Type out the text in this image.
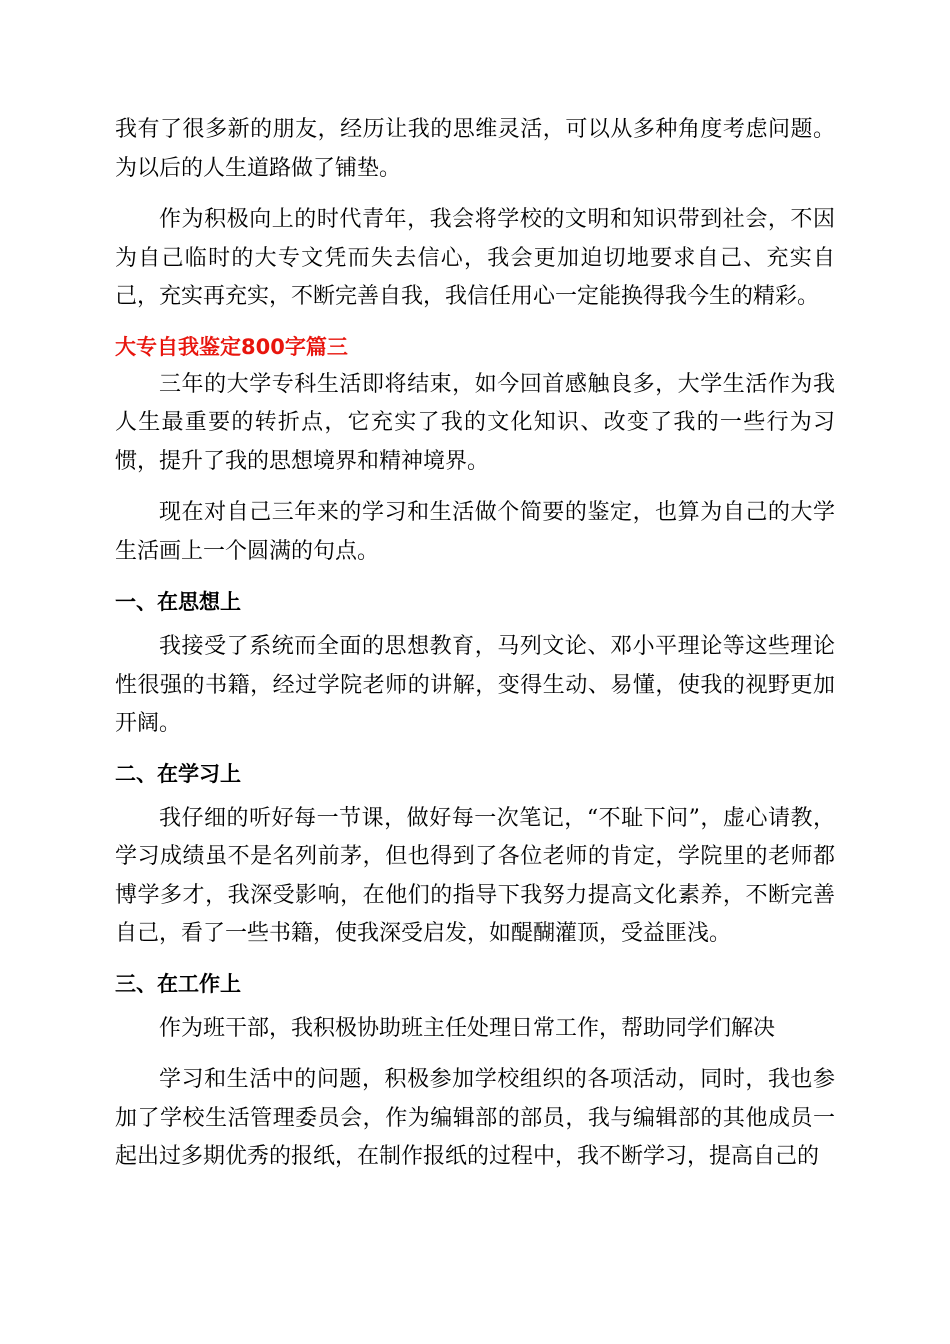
我有了很多新的朋友，经历让我的思维灵活，可以从多种角度考虑问题。为以后的人生道路做了铺垫。

作为积极向上的时代青年，我会将学校的文明和知识带到社会，不因为自己临时的大专文凭而失去信心，我会更加迫切地要求自己、充实自己，充实再充实，不断完善自我，我信任用心一定能换得我今生的精彩。

大专自我鉴定800字篇三

三年的大学专科生活即将结束，如今回首感触良多，大学生活作为我人生最重要的转折点，它充实了我的文化知识、改变了我的一些行为习惯，提升了我的思想境界和精神境界。

现在对自己三年来的学习和生活做个简要的鉴定，也算为自己的大学生活画上一个圆满的句点。

一、在思想上

我接受了系统而全面的思想教育，马列文论、邓小平理论等这些理论性很强的书籍，经过学院老师的讲解，变得生动、易懂，使我的视野更加开阔。

二、在学习上

我仔细的听好每一节课，做好每一次笔记，“不耻下问”，虚心请教，学习成绩虽不是名列前茅，但也得到了各位老师的肯定，学院里的老师都博学多才，我深受影响，在他们的指导下我努力提高文化素养，不断完善自己，看了一些书籍，使我深受启发，如醍醐灌顶，受益匪浅。

三、在工作上

作为班干部，我积极协助班主任处理日常工作，帮助同学们解决

学习和生活中的问题，积极参加学校组织的各项活动，同时，我也参加了学校生活管理委员会，作为编辑部的部员，我与编辑部的其他成员一起出过多期优秀的报纸，在制作报纸的过程中，我不断学习，提高自己的
